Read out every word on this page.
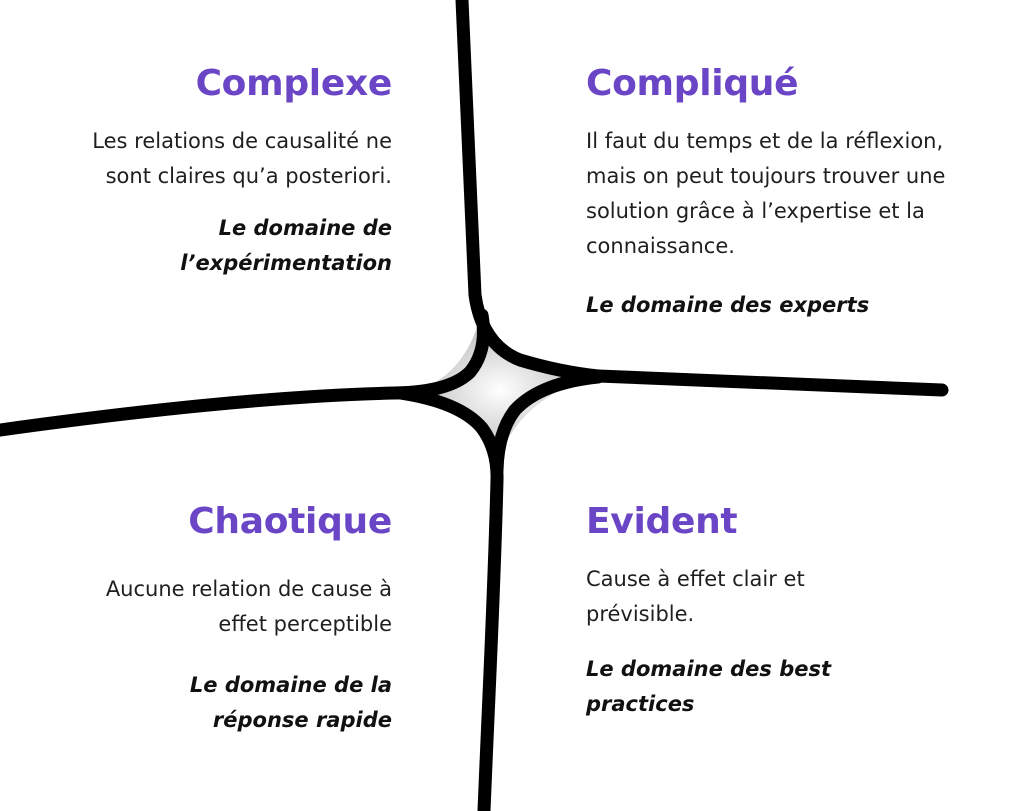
Complexe

Les relations de causalité ne
sont claires qu’a posteriori.

Le domaine de
l’expérimentation

Compliqué

Il faut du temps et de la réflexion,
mais on peut toujours trouver une
solution grâce à l’expertise et la
connaissance.

Le domaine des experts

Chaotique

Aucune relation de cause à
effet perceptible

Le domaine de la
réponse rapide

Evident

Cause à effet clair et
prévisible.

Le domaine des best
practices
